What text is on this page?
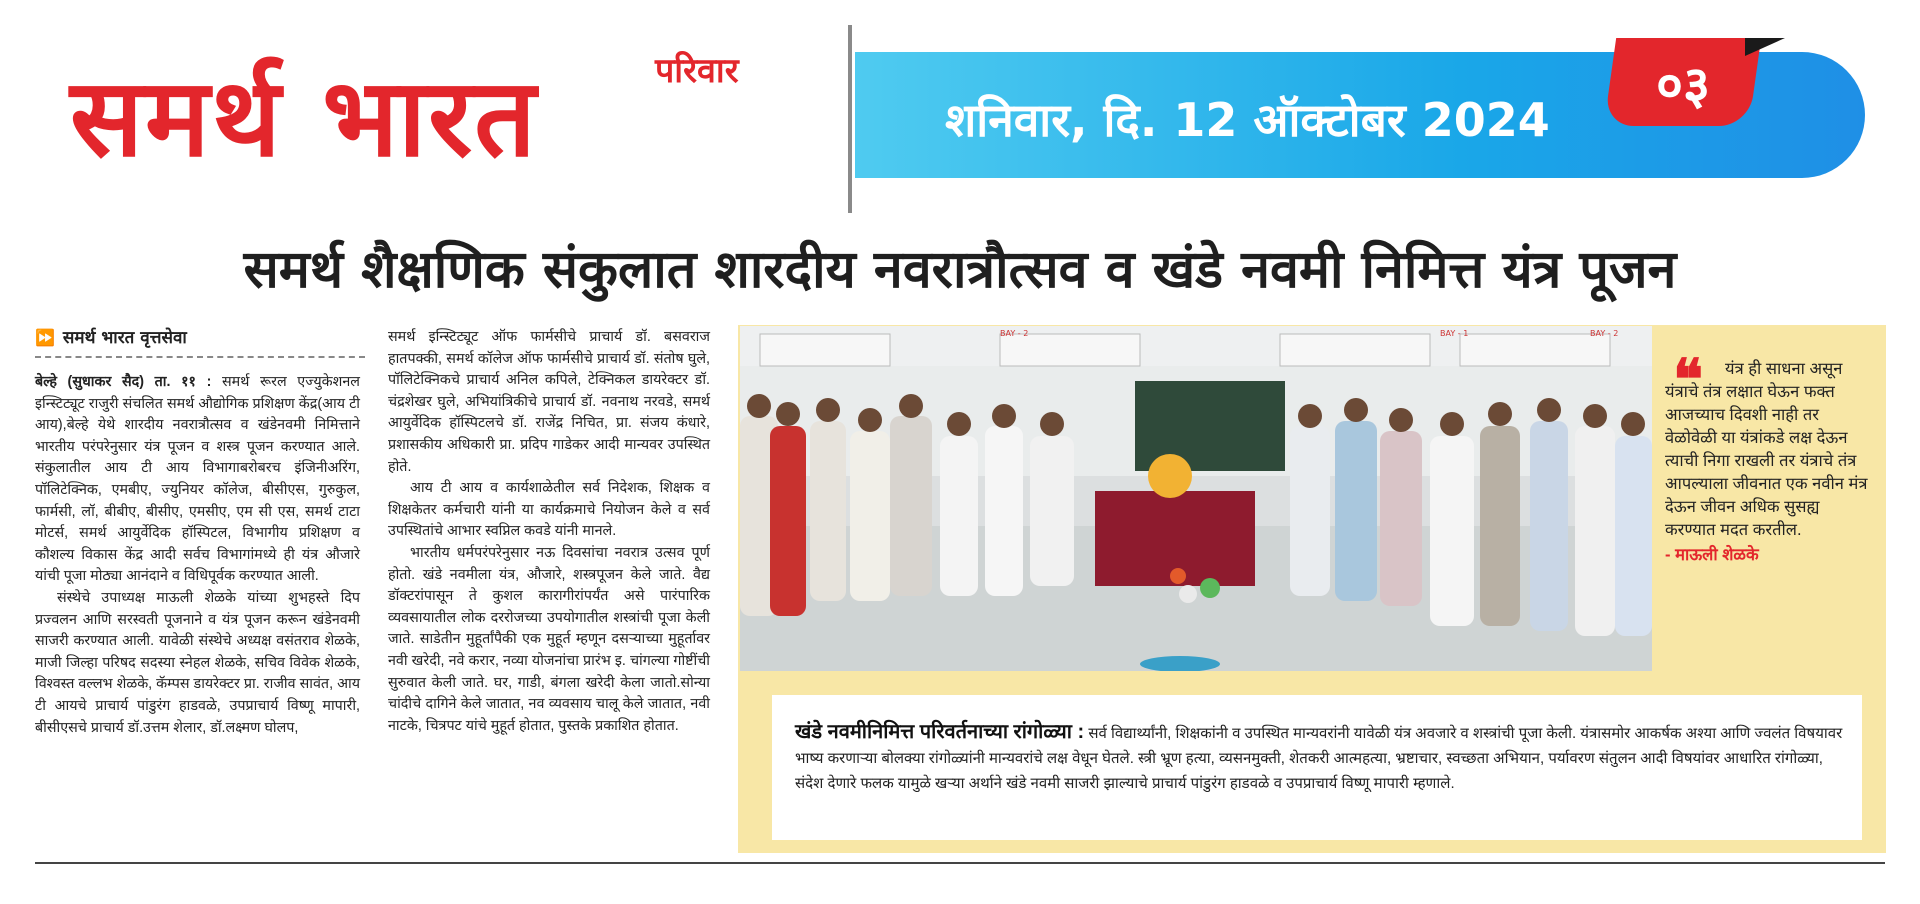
परिवार
समर्थ भारत	शनिवार, दि. 12 ऑक्टोबर 2024
०३
समर्थ शैक्षणिक संकुलात शारदीय नवरात्रौत्सव व खंडे नवमी निमित्त यंत्र पूजन
⏩ समर्थ भारत वृत्तसेवा

बेल्हे (सुधाकर सैद) ता. ११ : समर्थ रूरल एज्युकेशनल इन्स्टिट्यूट राजुरी संचलित समर्थ औद्योगिक प्रशिक्षण केंद्र(आय टी आय),बेल्हे येथे शारदीय नवरात्रौत्सव व खंडेनवमी निमित्ताने भारतीय परंपरेनुसार यंत्र पूजन व शस्त्र पूजन करण्यात आले. संकुलातील आय टी आय विभागाबरोबरच इंजिनीअरिंग, पॉलिटेक्निक, एमबीए, ज्युनियर कॉलेज, बीसीएस, गुरुकुल, फार्मसी, लॉ, बीबीए, बीसीए, एमसीए, एम सी एस, समर्थ टाटा मोटर्स, समर्थ आयुर्वेदिक हॉस्पिटल, विभागीय प्रशिक्षण व कौशल्य विकास केंद्र आदी सर्वच विभागांमध्ये ही यंत्र औजारे यांची पूजा मोठ्या आनंदाने व विधिपूर्वक करण्यात आली.

संस्थेचे उपाध्यक्ष माऊली शेळके यांच्या शुभहस्ते दिप प्रज्वलन आणि सरस्वती पूजनाने व यंत्र पूजन करून खंडेनवमी साजरी करण्यात आली. यावेळी संस्थेचे अध्यक्ष वसंतराव शेळके, माजी जिल्हा परिषद सदस्या स्नेहल शेळके, सचिव विवेक शेळके, विश्वस्त वल्लभ शेळके, कॅम्पस डायरेक्टर प्रा. राजीव सावंत, आय टी आयचे प्राचार्य पांडुरंग हाडवळे, उपप्राचार्य विष्णू मापारी, बीसीएसचे प्राचार्य डॉ.उत्तम शेलार, डॉ.लक्ष्मण घोलप,

समर्थ इन्स्टिट्यूट ऑफ फार्मसीचे प्राचार्य डॉ. बसवराज हातपक्की, समर्थ कॉलेज ऑफ फार्मसीचे प्राचार्य डॉ. संतोष घुले, पॉलिटेक्निकचे प्राचार्य अनिल कपिले, टेक्निकल डायरेक्टर डॉ. चंद्रशेखर घुले, अभियांत्रिकीचे प्राचार्य डॉ. नवनाथ नरवडे, समर्थ आयुर्वेदिक हॉस्पिटलचे डॉ. राजेंद्र निचित, प्रा. संजय कंधारे, प्रशासकीय अधिकारी प्रा. प्रदिप गाडेकर आदी मान्यवर उपस्थित होते.

आय टी आय व कार्यशाळेतील सर्व निदेशक, शिक्षक व शिक्षकेतर कर्मचारी यांनी या कार्यक्रमाचे नियोजन केले व सर्व उपस्थितांचे आभार स्वप्निल कवडे यांनी मानले.

भारतीय धर्मपरंपरेनुसार नऊ दिवसांचा नवरात्र उत्सव पूर्ण होतो. खंडे नवमीला यंत्र, औजारे, शस्त्रपूजन केले जाते. वैद्य डॉक्टरांपासून ते कुशल कारागीरांपर्यंत असे पारंपारिक व्यवसायातील लोक दररोजच्या उपयोगातील शस्त्रांची पूजा केली जाते. साडेतीन मुहूर्तांपैकी एक मुहूर्त म्हणून दसऱ्याच्या मुहूर्तावर नवी खरेदी, नवे करार, नव्या योजनांचा प्रारंभ इ. चांगल्या गोष्टींची सुरुवात केली जाते. घर, गाडी, बंगला खरेदी केला जातो.सोन्या चांदीचे दागिने केले जातात, नव व्यवसाय चालू केले जातात, नवी नाटके, चित्रपट यांचे मुहूर्त होतात, पुस्तके प्रकाशित होतात.

BAY - 2	BAY - 1	BAY - 2
❝	यंत्र ही साधना असून यंत्राचे तंत्र लक्षात घेऊन फक्त आजच्याच दिवशी नाही तर वेळोवेळी या यंत्रांकडे लक्ष देऊन त्याची निगा राखली तर यंत्राचे तंत्र आपल्याला जीवनात एक नवीन मंत्र देऊन जीवन अधिक सुसह्य करण्यात मदत करतील.

- माऊली शेळके
खंडे नवमीनिमित्त परिवर्तनाच्या रांगोळ्या : सर्व विद्यार्थ्यांनी, शिक्षकांनी व उपस्थित मान्यवरांनी यावेळी यंत्र अवजारे व शस्त्रांची पूजा केली. यंत्रासमोर आकर्षक अश्या आणि ज्वलंत विषयावर भाष्य करणाऱ्या बोलक्या रांगोळ्यांनी मान्यवरांचे लक्ष वेधून घेतले. स्त्री भ्रूण हत्या, व्यसनमुक्ती, शेतकरी आत्महत्या, भ्रष्टाचार, स्वच्छता अभियान, पर्यावरण संतुलन आदी विषयांवर आधारित रांगोळ्या, संदेश देणारे फलक यामुळे खऱ्या अर्थाने खंडे नवमी साजरी झाल्याचे प्राचार्य पांडुरंग हाडवळे व उपप्राचार्य विष्णू मापारी म्हणाले.
